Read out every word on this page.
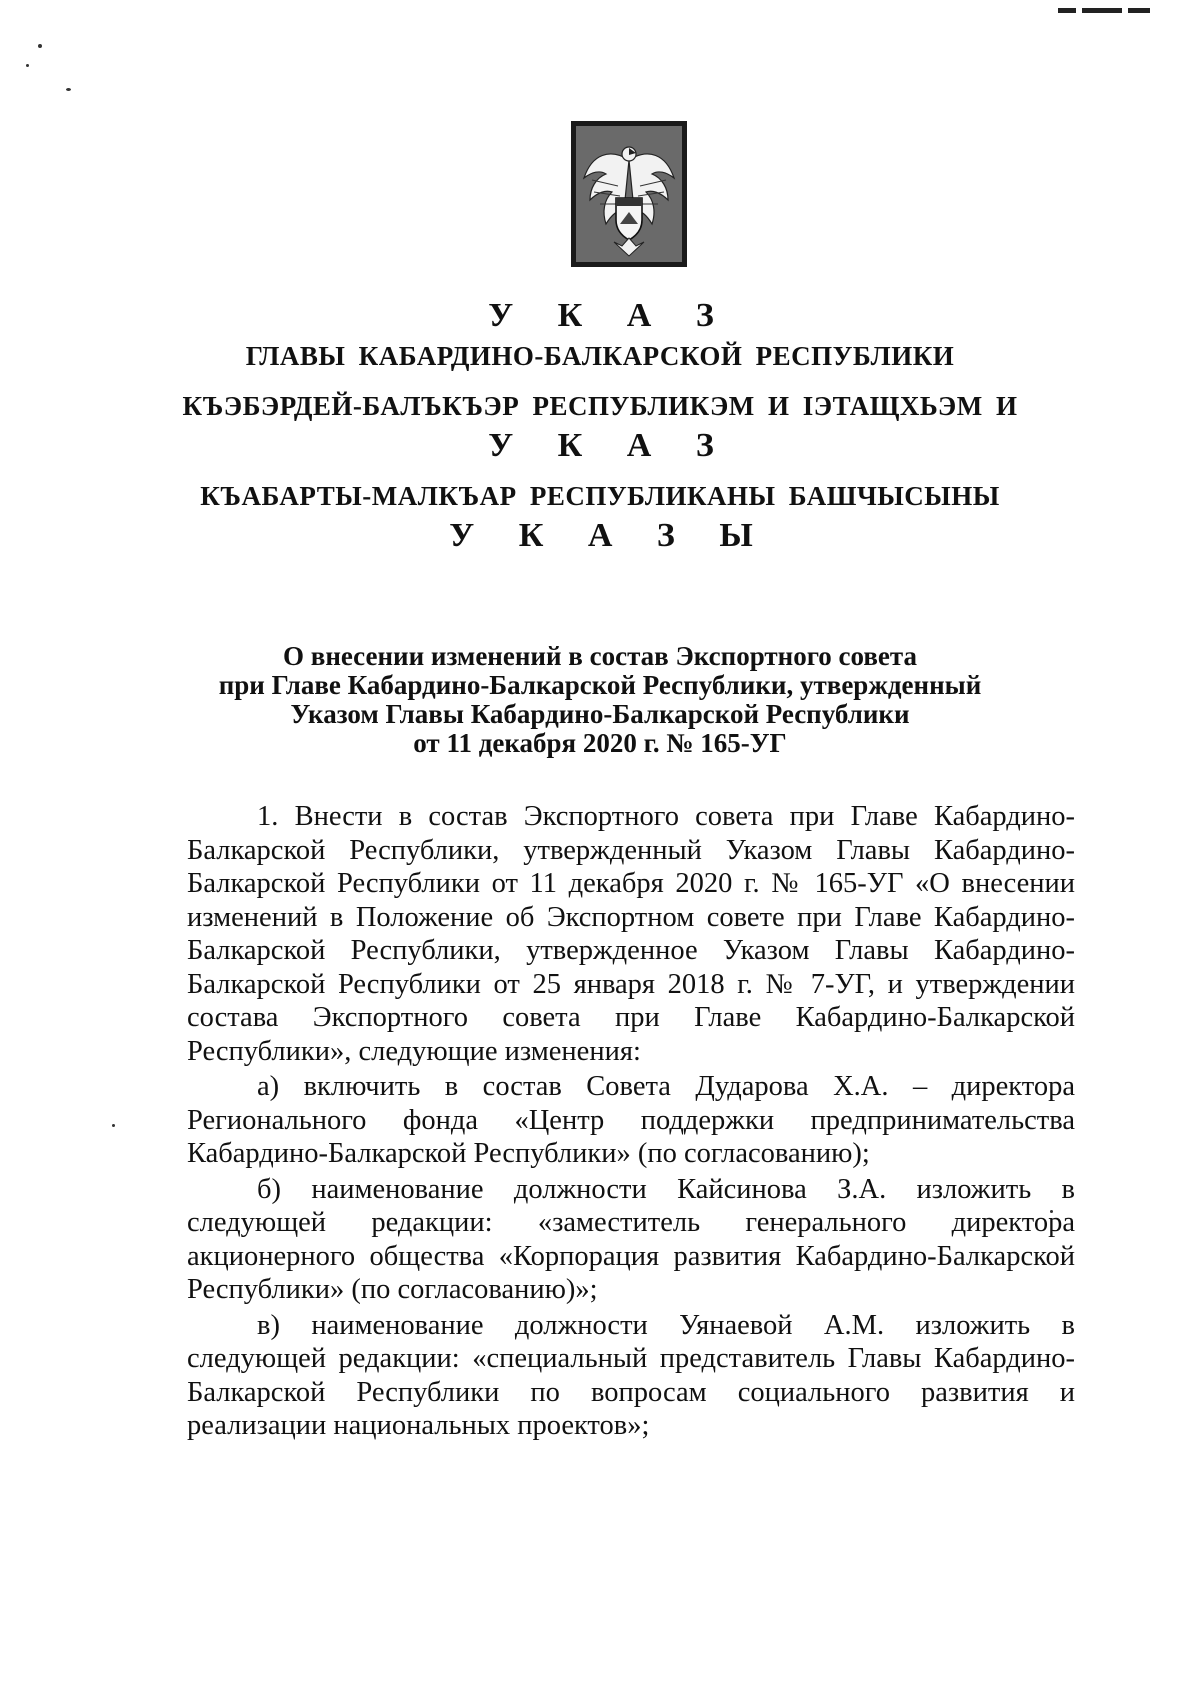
У К А З

ГЛАВЫ КАБАРДИНО-БАЛКАРСКОЙ РЕСПУБЛИКИ

КЪЭБЭРДЕЙ-БАЛЪКЪЭР РЕСПУБЛИКЭМ И ІЭТАЩХЬЭМ И

У К А З

КЪАБАРТЫ-МАЛКЪАР РЕСПУБЛИКАНЫ БАШЧЫСЫНЫ

У К А З Ы

О внесении изменений в состав Экспортного совета
при Главе Кабардино-Балкарской Республики, утвержденный
Указом Главы Кабардино-Балкарской Республики
от 11 декабря 2020 г. № 165-УГ

1. Внести в состав Экспортного совета при Главе Кабардино-Балкарской Республики, утвержденный Указом Главы Кабардино-Балкарской Республики от 11 декабря 2020 г. № 165-УГ «О внесении изменений в Положение об Экспортном совете при Главе Кабардино-Балкарской Республики, утвержденное Указом Главы Кабардино-Балкарской Республики от 25 января 2018 г. № 7-УГ, и утверждении состава Экспортного совета при Главе Кабардино-Балкарской Республики», следующие изменения:

а) включить в состав Совета Дударова Х.А. – директора Регионального фонда «Центр поддержки предпринимательства Кабардино-Балкарской Республики» (по согласованию);

б) наименование должности Кайсинова З.А. изложить в следующей редакции: «заместитель генерального директора акционерного общества «Корпорация развития Кабардино-Балкарской Республики» (по согласованию)»;

в) наименование должности Уянаевой А.М. изложить в следующей редакции: «специальный представитель Главы Кабардино-Балкарской Республики по вопросам социального развития и реализации национальных проектов»;
